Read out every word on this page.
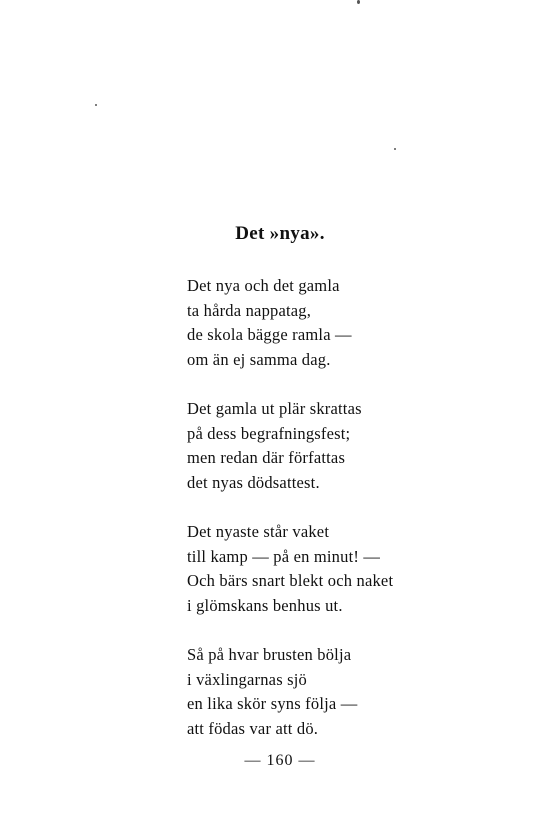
Det »nya».
Det nya och det gamla
ta hårda nappatag,
de skola bägge ramla —
om än ej samma dag.
Det gamla ut plär skrattas
på dess begrafningsfest;
men redan där författas
det nyas dödsattest.
Det nyaste står vaket
till kamp — på en minut! —
Och bärs snart blekt och naket
i glömskans benhus ut.
Så på hvar brusten bölja
i växlingarnas sjö
en lika skör syns följa —
att födas var att dö.
— 160 —
